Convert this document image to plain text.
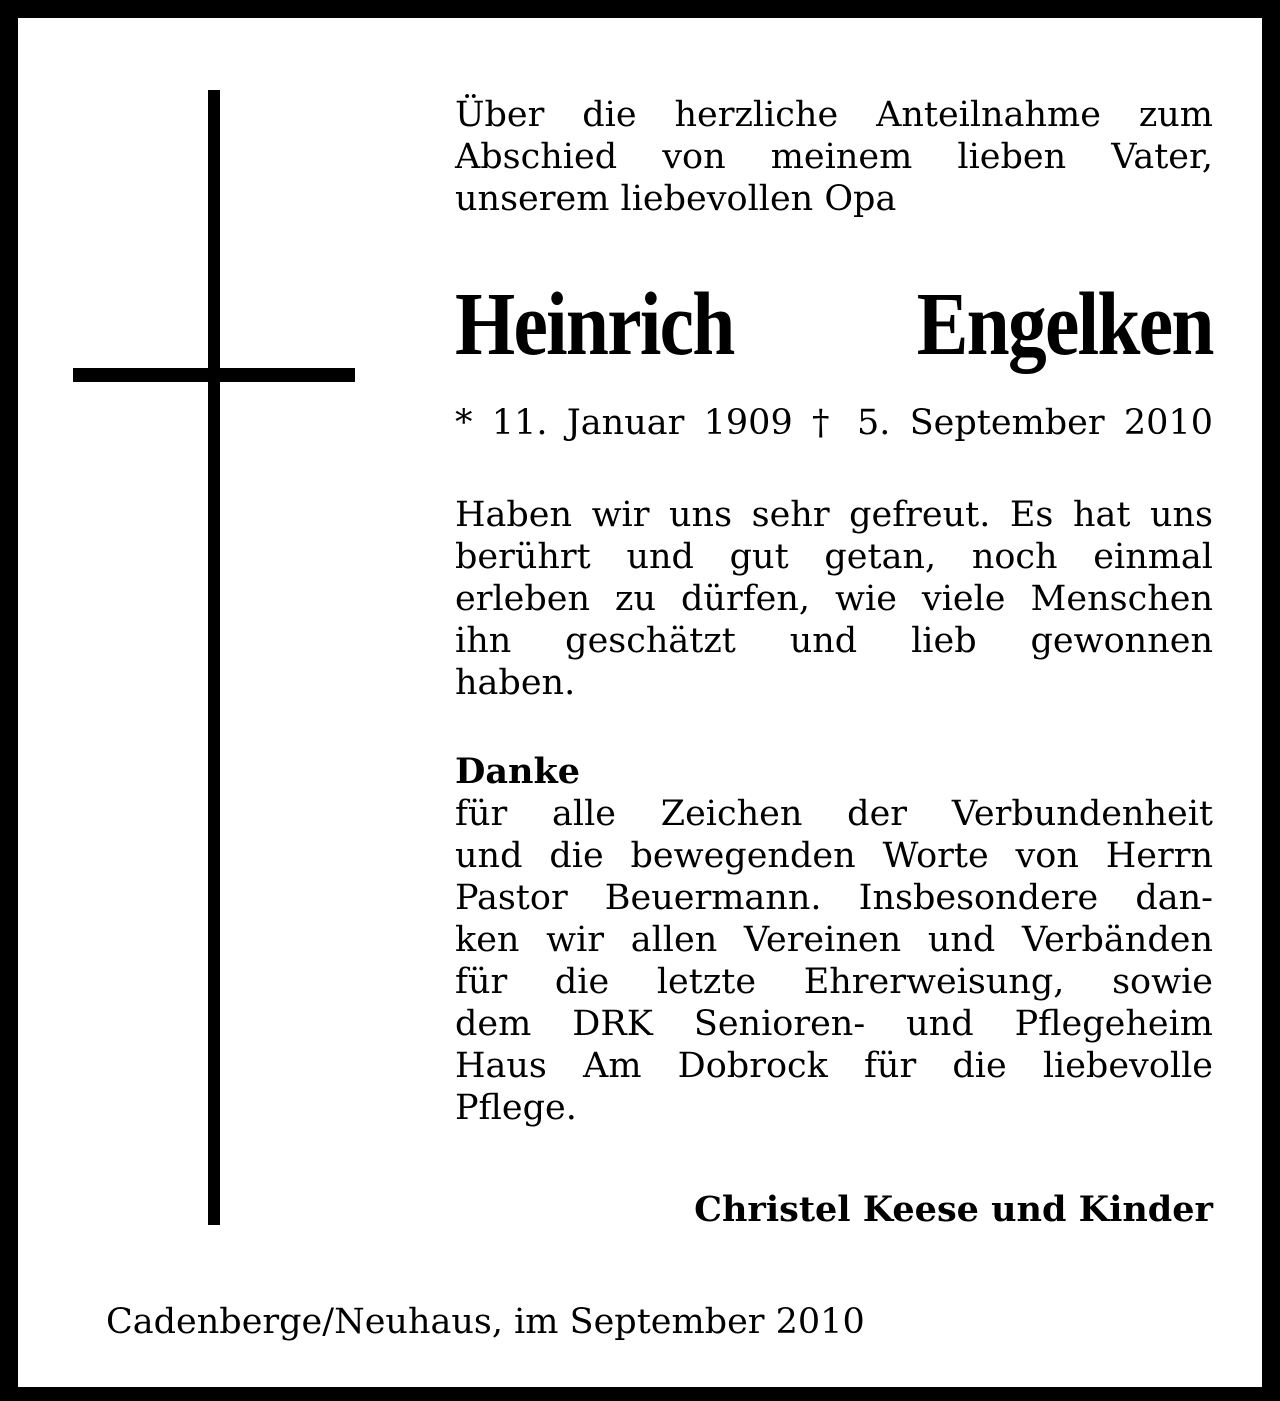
Über die herzliche Anteilnahme zum
Abschied von meinem lieben Vater,
unserem liebevollen Opa
Heinrich Engelken
* 11. Januar 1909 † 5. September 2010
Haben wir uns sehr gefreut. Es hat uns
berührt und gut getan, noch einmal
erleben zu dürfen, wie viele Menschen
ihn geschätzt und lieb gewonnen
haben.
Danke
für alle Zeichen der Verbundenheit
und die bewegenden Worte von Herrn
Pastor Beuermann. Insbesondere dan-
ken wir allen Vereinen und Verbänden
für die letzte Ehrerweisung, sowie
dem DRK Senioren- und Pflegeheim
Haus Am Dobrock für die liebevolle
Pflege.
Christel Keese und Kinder
Cadenberge/Neuhaus, im September 2010
